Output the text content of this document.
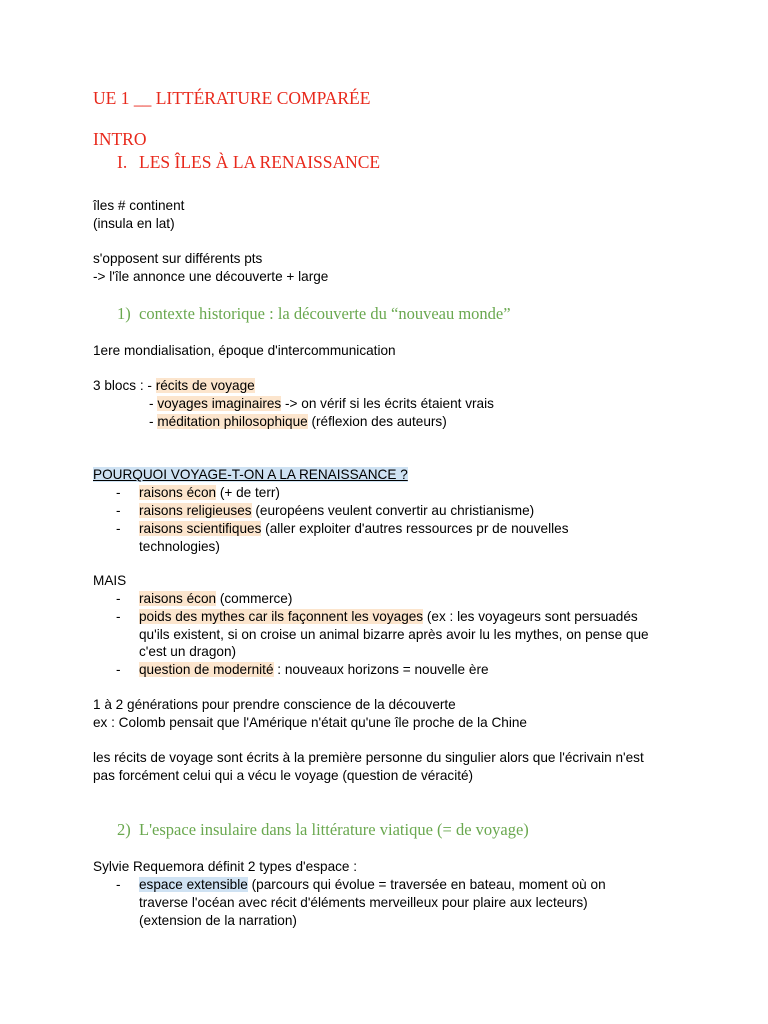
UE 1 __ LITTÉRATURE COMPARÉE
INTRO
I. LES ÎLES À LA RENAISSANCE
îles # continent
(insula en lat)
s'opposent sur différents pts
-> l'île annonce une découverte + large
1) contexte historique : la découverte du “nouveau monde”
1ere mondialisation, époque d'intercommunication
3 blocs : - récits de voyage
- voyages imaginaires -> on vérif si les écrits étaient vrais
- méditation philosophique (réflexion des auteurs)
POURQUOI VOYAGE-T-ON A LA RENAISSANCE ?
- raisons écon (+ de terr)
- raisons religieuses (européens veulent convertir au christianisme)
- raisons scientifiques (aller exploiter d'autres ressources pr de nouvelles
technologies)
MAIS
- raisons écon (commerce)
- poids des mythes car ils façonnent les voyages (ex : les voyageurs sont persuadés
qu'ils existent, si on croise un animal bizarre après avoir lu les mythes, on pense que
c'est un dragon)
- question de modernité : nouveaux horizons = nouvelle ère
1 à 2 générations pour prendre conscience de la découverte
ex : Colomb pensait que l'Amérique n'était qu'une île proche de la Chine
les récits de voyage sont écrits à la première personne du singulier alors que l'écrivain n'est
pas forcément celui qui a vécu le voyage (question de véracité)
2) L'espace insulaire dans la littérature viatique (= de voyage)
Sylvie Requemora définit 2 types d'espace :
- espace extensible (parcours qui évolue = traversée en bateau, moment où on
traverse l'océan avec récit d'éléments merveilleux pour plaire aux lecteurs)
(extension de la narration)
